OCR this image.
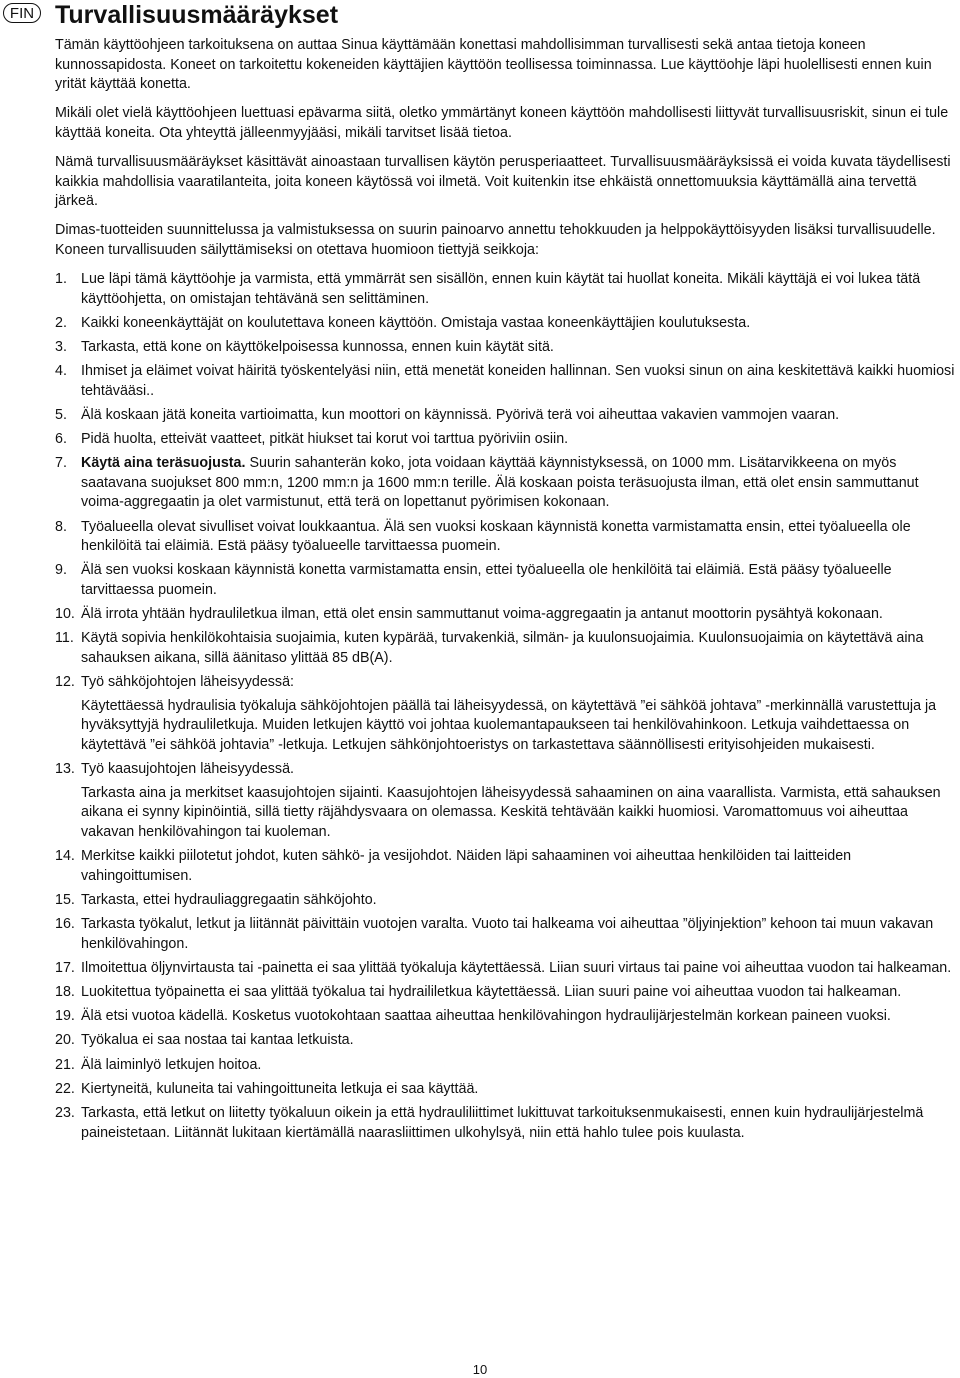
FIN Turvallisuusmääräykset

Tämän käyttöohjeen tarkoituksena on auttaa Sinua käyttämään konettasi mahdollisimman turvallisesti sekä antaa tietoja koneen kunnossapidosta. Koneet on tarkoitettu kokeneiden käyttäjien käyttöön teollisessa toiminnassa. Lue käyttöohje läpi huolellisesti ennen kuin yrität käyttää konetta.

Mikäli olet vielä käyttöohjeen luettuasi epävarma siitä, oletko ymmärtänyt koneen käyttöön mahdollisesti liittyvät turvallisuusriskit, sinun ei tule käyttää koneita. Ota yhteyttä jälleenmyyjääsi, mikäli tarvitset lisää tietoa.

Nämä turvallisuusmääräykset käsittävät ainoastaan turvallisen käytön perusperiaatteet. Turvallisuusmääräyksissä ei voida kuvata täydellisesti kaikkia mahdollisia vaaratilanteita, joita koneen käytössä voi ilmetä. Voit kuitenkin itse ehkäistä onnettomuuksia käyttämällä aina tervettä järkeä.

Dimas-tuotteiden suunnittelussa ja valmistuksessa on suurin painoarvo annettu tehokkuuden ja helppokäyttöisyyden lisäksi turvallisuudelle. Koneen turvallisuuden säilyttämiseksi on otettava huomioon tiettyjä seikkoja:

1. Lue läpi tämä käyttöohje ja varmista, että ymmärrät sen sisällön, ennen kuin käytät tai huollat koneita. Mikäli käyttäjä ei voi lukea tätä käyttöohjetta, on omistajan tehtävänä sen selittäminen.
2. Kaikki koneenkäyttäjät on koulutettava koneen käyttöön. Omistaja vastaa koneenkäyttäjien koulutuksesta.
3. Tarkasta, että kone on käyttökelpoisessa kunnossa, ennen kuin käytät sitä.
4. Ihmiset ja eläimet voivat häiritä työskentelyäsi niin, että menetät koneiden hallinnan. Sen vuoksi sinun on aina keskitettävä kaikki huomiosi tehtävääsi..
5. Älä koskaan jätä koneita vartioimatta, kun moottori on käynnissä. Pyörivä terä voi aiheuttaa vakavien vammojen vaaran.
6. Pidä huolta, etteivät vaatteet, pitkät hiukset tai korut voi tarttua pyöriviin osiin.
7. Käytä aina teräsuojusta. Suurin sahanterän koko, jota voidaan käyttää käynnistyksessä, on 1000 mm. Lisätarvikkeena on myös saatavana suojukset 800 mm:n, 1200 mm:n ja 1600 mm:n terille. Älä koskaan poista teräsuojusta ilman, että olet ensin sammuttanut voima-aggregaatin ja olet varmistunut, että terä on lopettanut pyörimisen kokonaan.
8. Työalueella olevat sivulliset voivat loukkaantua. Älä sen vuoksi koskaan käynnistä konetta varmistamatta ensin, ettei työalueella ole henkilöitä tai eläimiä. Estä pääsy työalueelle tarvittaessa puomein.
9. Älä sen vuoksi koskaan käynnistä konetta varmistamatta ensin, ettei työalueella ole henkilöitä tai eläimiä. Estä pääsy työalueelle tarvittaessa puomein.
10. Älä irrota yhtään hydrauliletkua ilman, että olet ensin sammuttanut voima-aggregaatin ja antanut moottorin pysähtyä kokonaan.
11. Käytä sopivia henkilökohtaisia suojaimia, kuten kypärää, turvakenkiä, silmän- ja kuulonsuojaimia. Kuulonsuojaimia on käytettävä aina sahauksen aikana, sillä äänitaso ylittää 85 dB(A).
12. Työ sähköjohtojen läheisyydessä:
Käytettäessä hydraulisia työkaluja sähköjohtojen päällä tai läheisyydessä, on käytettävä ”ei sähköä johtava” -merkinnällä varustettuja ja hyväksyttyjä hydrauliletkuja. Muiden letkujen käyttö voi johtaa kuolemantapaukseen tai henkilövahinkoon. Letkuja vaihdettaessa on käytettävä ”ei sähköä johtavia” -letkuja. Letkujen sähkönjohtoeristys on tarkastettava säännöllisesti erityisohjeiden mukaisesti.
13. Työ kaasujohtojen läheisyydessä.
Tarkasta aina ja merkitset kaasujohtojen sijainti. Kaasujohtojen läheisyydessä sahaaminen on aina vaarallista. Varmista, että sahauksen aikana ei synny kipinöintiä, sillä tietty räjähdysvaara on olemassa. Keskitä tehtävään kaikki huomiosi. Varomattomuus voi aiheuttaa vakavan henkilövahingon tai kuoleman.
14. Merkitse kaikki piilotetut johdot, kuten sähkö- ja vesijohdot. Näiden läpi sahaaminen voi aiheuttaa henkilöiden tai laitteiden vahingoittumisen.
15. Tarkasta, ettei hydrauliaggregaatin sähköjohto.
16. Tarkasta työkalut, letkut ja liitännät päivittäin vuotojen varalta. Vuoto tai halkeama voi aiheuttaa ”öljyinjektion” kehoon tai muun vakavan henkilövahingon.
17. Ilmoitettua öljynvirtausta tai -painetta ei saa ylittää työkaluja käytettäessä. Liian suuri virtaus tai paine voi aiheuttaa vuodon tai halkeaman.
18. Luokitettua työpainetta ei saa ylittää työkalua tai hydraililetkua käytettäessä. Liian suuri paine voi aiheuttaa vuodon tai halkeaman.
19. Älä etsi vuotoa kädellä. Kosketus vuotokohtaan saattaa aiheuttaa henkilövahingon hydraulijärjestelmän korkean paineen vuoksi.
20. Työkalua ei saa nostaa tai kantaa letkuista.
21. Älä laiminlyö letkujen hoitoa.
22. Kiertyneitä, kuluneita tai vahingoittuneita letkuja ei saa käyttää.
23. Tarkasta, että letkut on liitetty työkaluun oikein ja että hydrauliliittimet lukittuvat tarkoituksenmukaisesti, ennen kuin hydraulijärjestelmä paineistetaan. Liitännät lukitaan kiertämällä naarasliittimen ulkohylsyä, niin että hahlo tulee pois kuulasta.
10
